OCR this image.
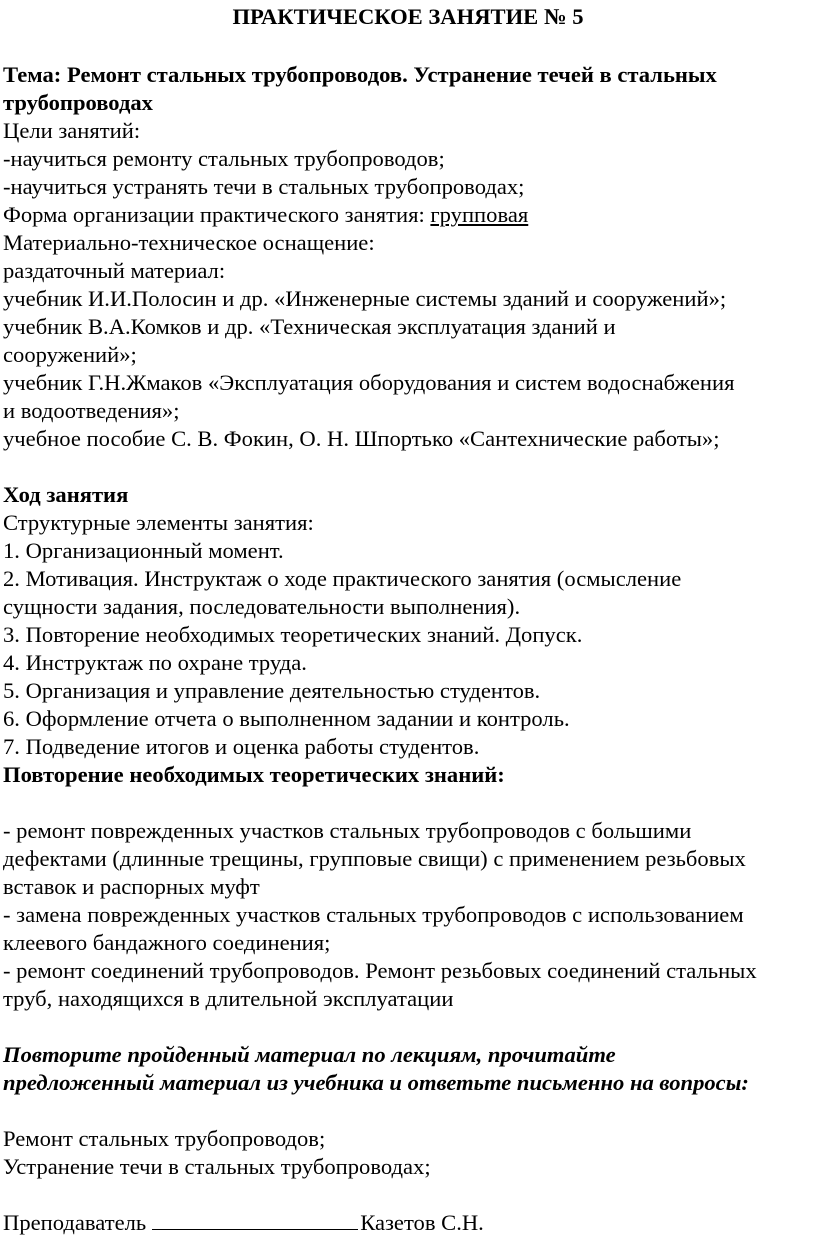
ПРАКТИЧЕСКОЕ ЗАНЯТИЕ № 5
Тема: Ремонт стальных трубопроводов. Устранение течей в стальных
трубопроводах
Цели занятий:
-научиться ремонту стальных трубопроводов;
-научиться устранять течи в стальных трубопроводах;
Форма организации практического занятия: групповая
Материально-техническое оснащение:
раздаточный материал:
учебник И.И.Полосин и др. «Инженерные системы зданий и сооружений»;
учебник В.А.Комков и др. «Техническая эксплуатация зданий и
сооружений»;
учебник Г.Н.Жмаков «Эксплуатация оборудования и систем водоснабжения
и водоотведения»;
учебное пособие С. В. Фокин, О. Н. Шпортько «Сантехнические работы»;
Ход занятия
Структурные элементы занятия:
1. Организационный момент.
2. Мотивация. Инструктаж о ходе практического занятия (осмысление
сущности задания, последовательности выполнения).
3. Повторение необходимых теоретических знаний. Допуск.
4. Инструктаж по охране труда.
5. Организация и управление деятельностью студентов.
6. Оформление отчета о выполненном задании и контроль.
7. Подведение итогов и оценка работы студентов.
Повторение необходимых теоретических знаний:
- ремонт поврежденных участков стальных трубопроводов с большими
дефектами (длинные трещины, групповые свищи) с применением резьбовых
вставок и распорных муфт
- замена поврежденных участков стальных трубопроводов с использованием
клеевого бандажного соединения;
- ремонт соединений трубопроводов. Ремонт резьбовых соединений стальных
труб, находящихся в длительной эксплуатации
Повторите пройденный материал по лекциям, прочитайте
предложенный материал из учебника и ответьте письменно на вопросы:
Ремонт стальных трубопроводов;
Устранение течи в стальных трубопроводах;
Преподаватель	Казетов С.Н.
